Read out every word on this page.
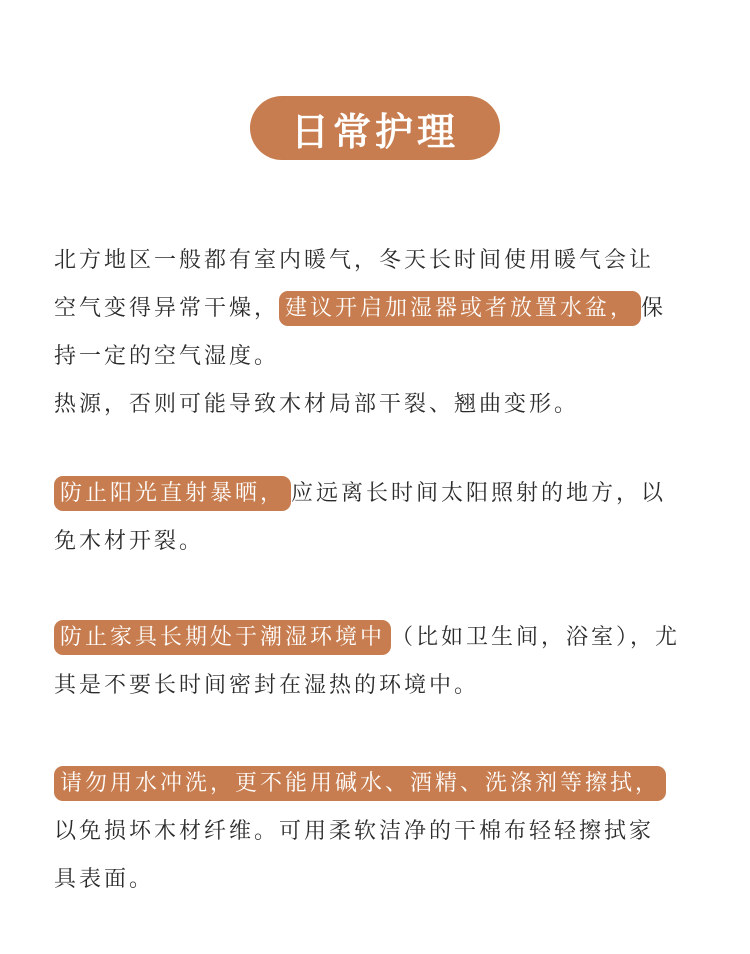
日常护理
北方地区一般都有室内暖气，冬天长时间使用暖气会让
空气变得异常干燥， 建议开启加湿器或者放置水盆， 保
持一定的空气湿度。
热源，否则可能导致木材局部干裂、翘曲变形。
防止阳光直射暴晒， 应远离长时间太阳照射的地方，以
免木材开裂。
防止家具长期处于潮湿环境中 （比如卫生间，浴室），尤
其是不要长时间密封在湿热的环境中。
请勿用水冲洗，更不能用碱水、酒精、洗涤剂等擦拭，
以免损坏木材纤维。可用柔软洁净的干棉布轻轻擦拭家
具表面。
